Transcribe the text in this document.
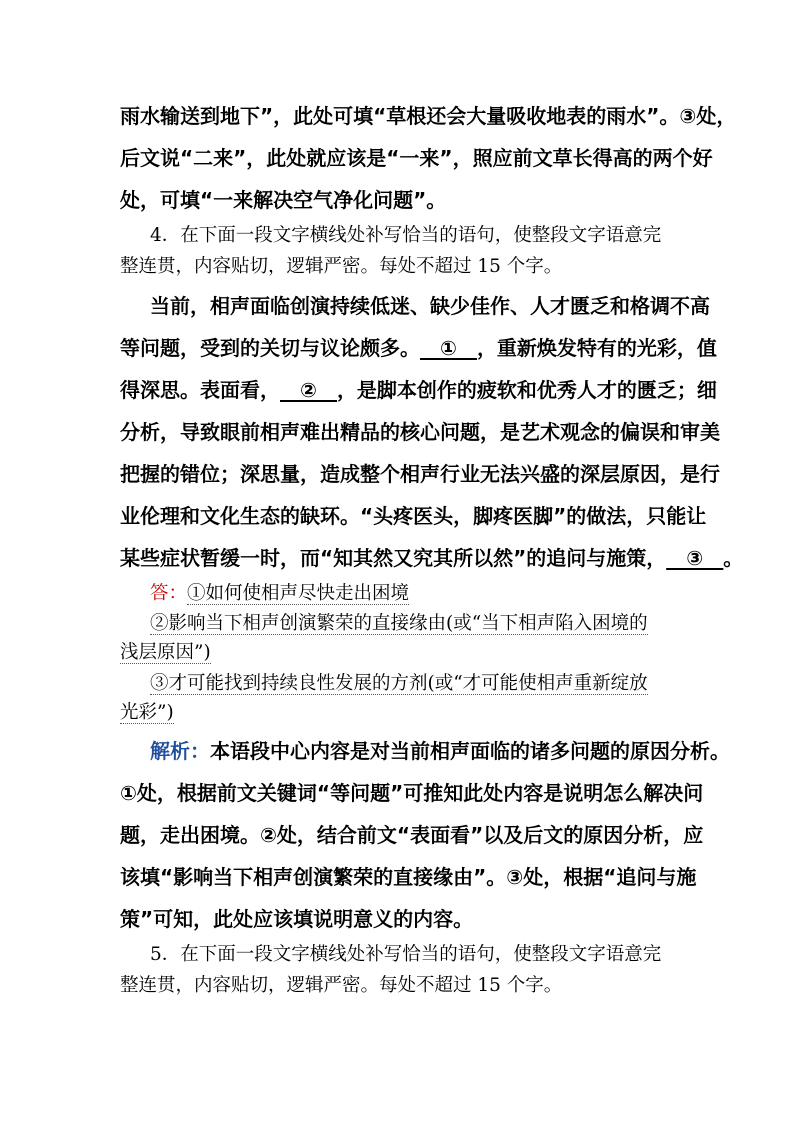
雨水输送到地下”，此处可填“草根还会大量吸收地表的雨水”。③处，
后文说“二来”，此处就应该是“一来”，照应前文草长得高的两个好
处，可填“一来解决空气净化问题”。
4．在下面一段文字横线处补写恰当的语句，使整段文字语意完
整连贯，内容贴切，逻辑严密。每处不超过 15 个字。
当前，相声面临创演持续低迷、缺少佳作、人才匮乏和格调不高
等问题，受到的关切与议论颇多。__①__，重新焕发特有的光彩，值
得深思。表面看，__②__，是脚本创作的疲软和优秀人才的匮乏；细
分析，导致眼前相声难出精品的核心问题，是艺术观念的偏误和审美
把握的错位；深思量，造成整个相声行业无法兴盛的深层原因，是行
业伦理和文化生态的缺环。“头疼医头，脚疼医脚”的做法，只能让
某些症状暂缓一时，而“知其然又究其所以然”的追问与施策，__③__。
答：①如何使相声尽快走出困境
②影响当下相声创演繁荣的直接缘由(或“当下相声陷入困境的
浅层原因”)
③才可能找到持续良性发展的方剂(或“才可能使相声重新绽放
光彩”)
解析：本语段中心内容是对当前相声面临的诸多问题的原因分析。
①处，根据前文关键词“等问题”可推知此处内容是说明怎么解决问
题，走出困境。②处，结合前文“表面看”以及后文的原因分析，应
该填“影响当下相声创演繁荣的直接缘由”。③处，根据“追问与施
策”可知，此处应该填说明意义的内容。
5．在下面一段文字横线处补写恰当的语句，使整段文字语意完
整连贯，内容贴切，逻辑严密。每处不超过 15 个字。
